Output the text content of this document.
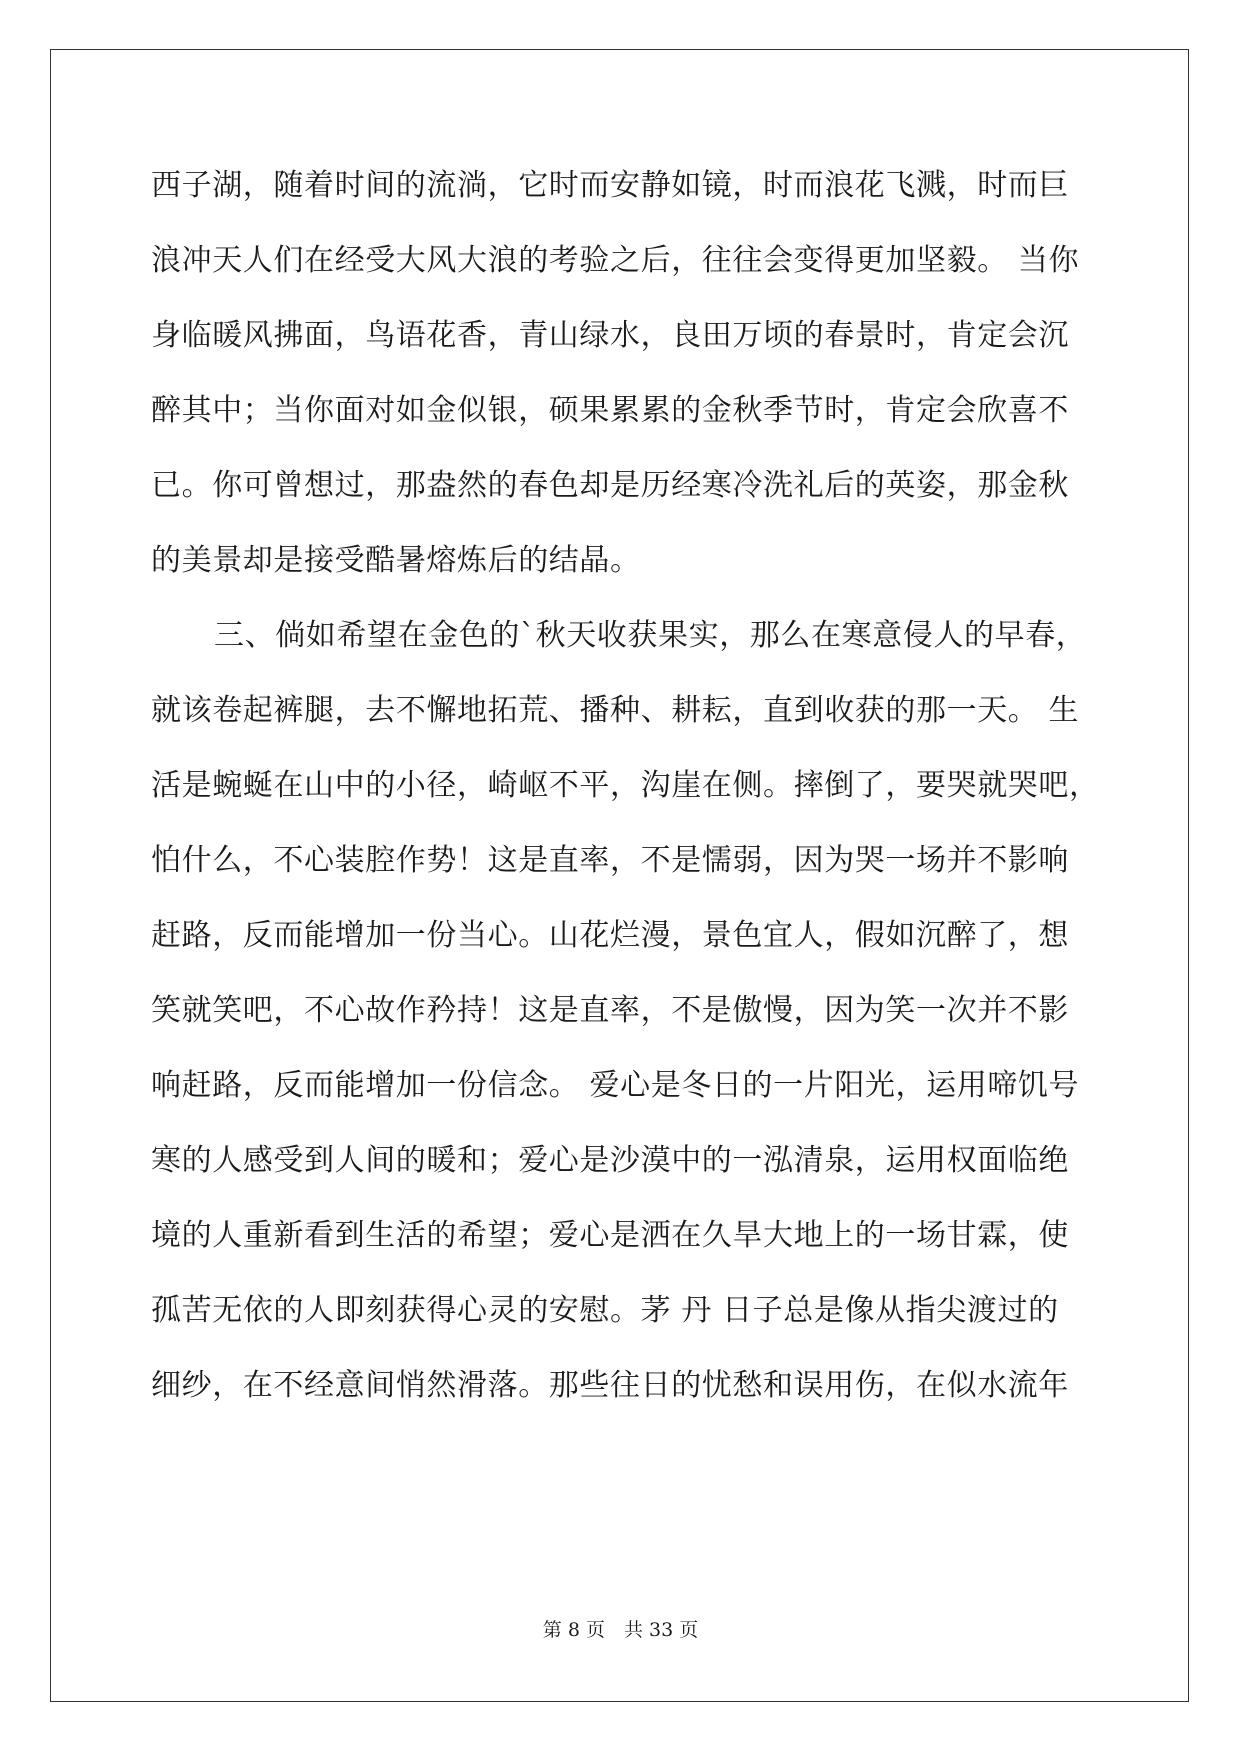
西子湖，随着时间的流淌，它时而安静如镜，时而浪花飞溅，时而巨
浪冲天人们在经受大风大浪的考验之后，往往会变得更加坚毅。 当你
身临暖风拂面，鸟语花香，青山绿水，良田万顷的春景时，肯定会沉
醉其中；当你面对如金似银，硕果累累的金秋季节时，肯定会欣喜不
已。你可曾想过，那盎然的春色却是历经寒冷洗礼后的英姿，那金秋
的美景却是接受酷暑熔炼后的结晶。
三、倘如希望在金色的`秋天收获果实，那么在寒意侵人的早春，
就该卷起裤腿，去不懈地拓荒、播种、耕耘，直到收获的那一天。 生
活是蜿蜒在山中的小径，崎岖不平，沟崖在侧。摔倒了，要哭就哭吧，
怕什么，不心装腔作势！这是直率，不是懦弱，因为哭一场并不影响
赶路，反而能增加一份当心。山花烂漫，景色宜人，假如沉醉了，想
笑就笑吧，不心故作矜持！这是直率，不是傲慢，因为笑一次并不影
响赶路，反而能增加一份信念。 爱心是冬日的一片阳光，运用啼饥号
寒的人感受到人间的暖和；爱心是沙漠中的一泓清泉，运用权面临绝
境的人重新看到生活的希望；爱心是洒在久旱大地上的一场甘霖，使
孤苦无依的人即刻获得心灵的安慰。茅 丹 日子总是像从指尖渡过的
细纱，在不经意间悄然滑落。那些往日的忧愁和误用伤，在似水流年
第 8 页　共 33 页
